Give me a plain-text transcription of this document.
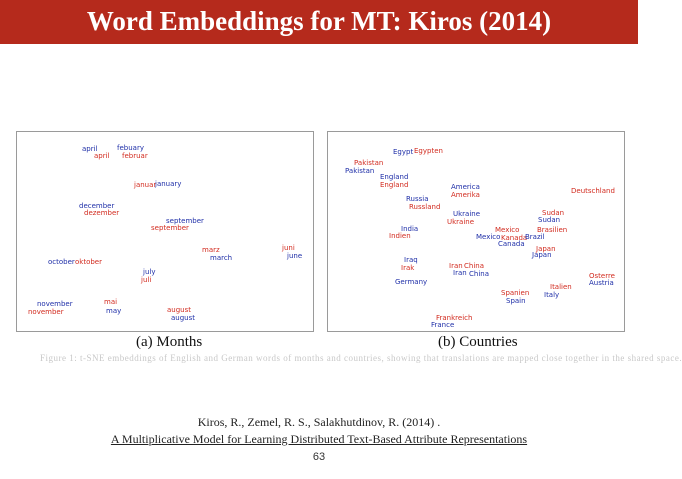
Word Embeddings for MT: Kiros (2014)
april
april
febuary
februar
januar
january
december
dezember
september
september
juni
june
marz
march
october oktober
july
juli
mai
may
november
november	august
august
Egypt Egypten
Pakistan
Pakistan
England
England	America
Amerika	Deutschland
Russia
Russland
Sudan
Sudan
Ukraine
Ukraine
India
Indien
Mexico	Brasilien
Mexico Kanada
Brazil
Canada
Japan
Japan
Iraq
Irak	Iran China
Iran China
Germany
Osterre
Austria
Italien
Italy
Spanien
Spain
Frankreich
France
(a) Months	(b) Countries
Figure 1: t-SNE embeddings of English and German words of months and countries, showing that translations are mapped close together in the shared space.
Kiros, R., Zemel, R. S., Salakhutdinov, R. (2014) .
A Multiplicative Model for Learning Distributed Text-Based Attribute Representations
63
